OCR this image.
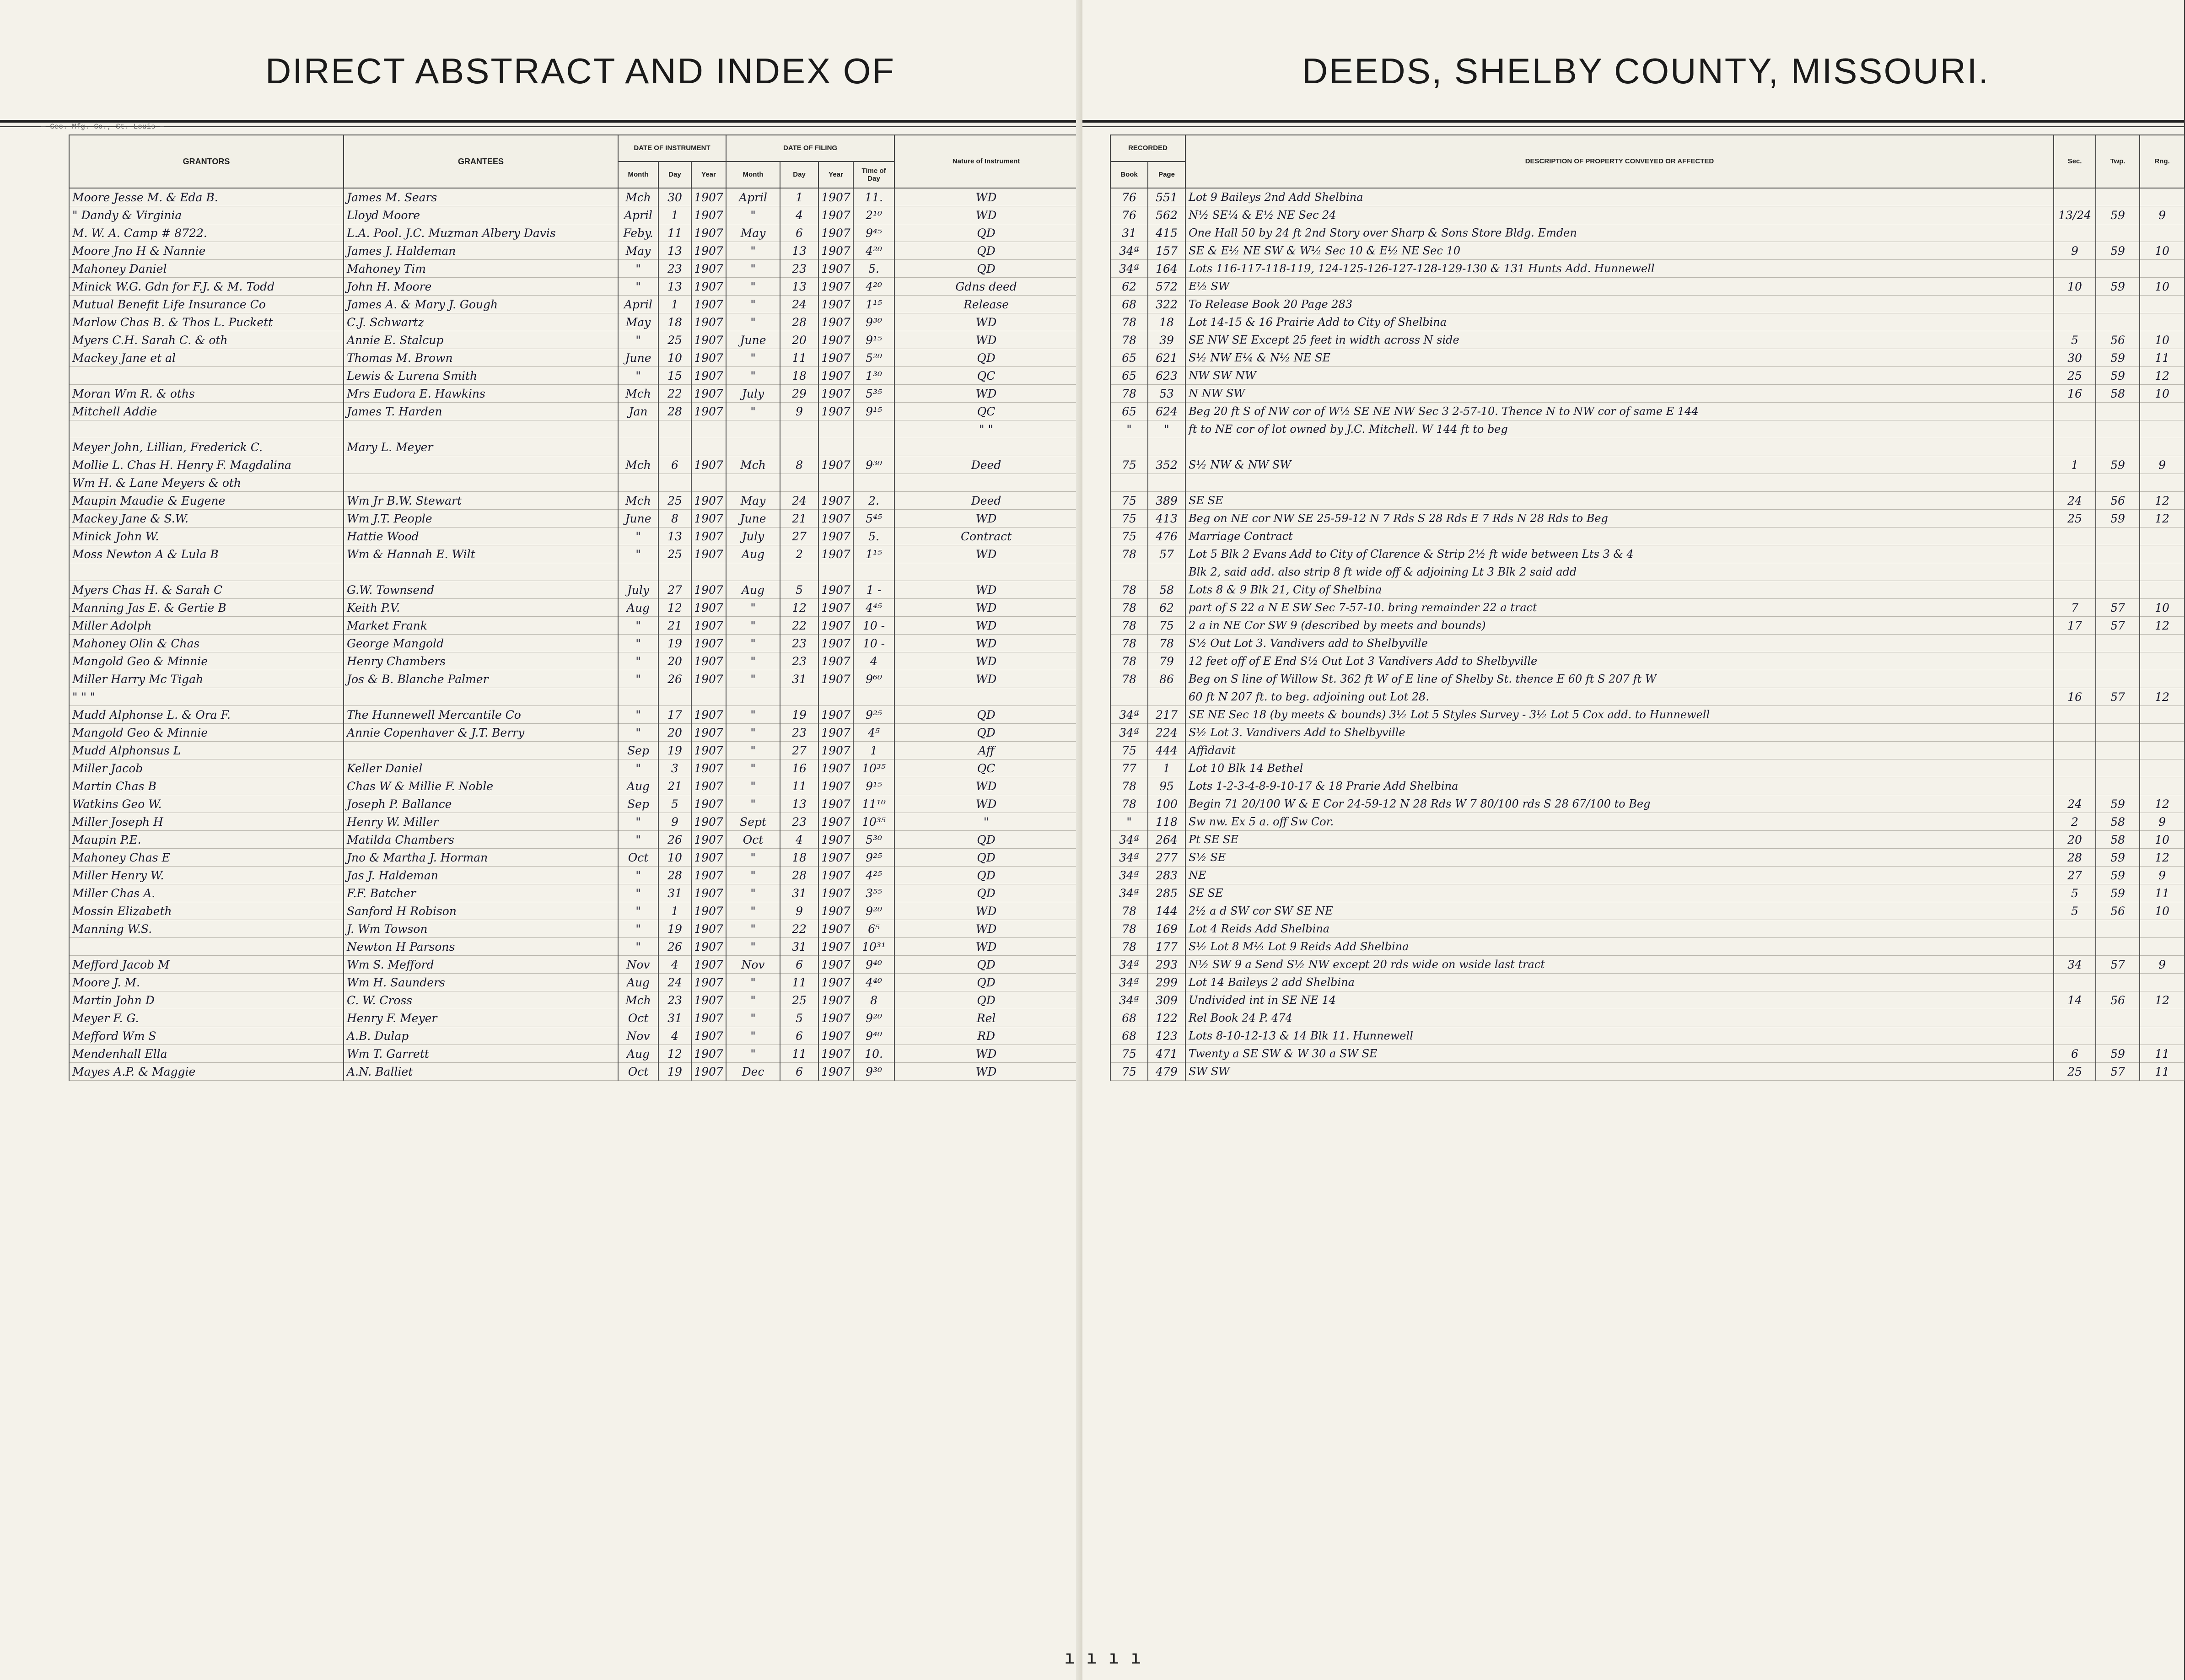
DIRECT ABSTRACT AND INDEX OF
— Geo. Mfg. Co., St. Louis —
GRANTORS	GRANTEES	DATE OF INSTRUMENT			DATE OF FILING				Nature of Instrument
		Month	Day	Year	Month	Day	Year	Time of Day	
Moore Jesse M. & Eda B.	James M. Sears	Mch	30	1907	April	1	1907	11.	WD
" Dandy & Virginia	Lloyd Moore	April	1	1907	"	4	1907	2¹⁰	WD
M. W. A. Camp # 8722.	L.A. Pool. J.C. Muzman Albery Davis	Feby.	11	1907	May	6	1907	9⁴⁵	QD
Moore Jno H & Nannie	James J. Haldeman	May	13	1907	"	13	1907	4²⁰	QD
Mahoney Daniel	Mahoney Tim	"	23	1907	"	23	1907	5.	QD
Minick W.G. Gdn for F.J. & M. Todd	John H. Moore	"	13	1907	"	13	1907	4²⁰	Gdns deed
Mutual Benefit Life Insurance Co	James A. & Mary J. Gough	April	1	1907	"	24	1907	1¹⁵	Release
Marlow Chas B. & Thos L. Puckett	C.J. Schwartz	May	18	1907	"	28	1907	9³⁰	WD
Myers C.H. Sarah C. & oth	Annie E. Stalcup	"	25	1907	June	20	1907	9¹⁵	WD
Mackey Jane et al	Thomas M. Brown	June	10	1907	"	11	1907	5²⁰	QD
	Lewis & Lurena Smith	"	15	1907	"	18	1907	1³⁰	QC
Moran Wm R. & oths	Mrs Eudora E. Hawkins	Mch	22	1907	July	29	1907	5³⁵	WD
Mitchell Addie	James T. Harden	Jan	28	1907	"	9	1907	9¹⁵	QC
									" "
Meyer John, Lillian, Frederick C.	Mary L. Meyer								
Mollie L. Chas H. Henry F. Magdalina		Mch	6	1907	Mch	8	1907	9³⁰	Deed
Wm H. & Lane Meyers & oth									
Maupin Maudie & Eugene	Wm Jr B.W. Stewart	Mch	25	1907	May	24	1907	2.	Deed
Mackey Jane & S.W.	Wm J.T. People	June	8	1907	June	21	1907	5⁴⁵	WD
Minick John W.	Hattie Wood	"	13	1907	July	27	1907	5.	Contract
Moss Newton A & Lula B	Wm & Hannah E. Wilt	"	25	1907	Aug	2	1907	1¹⁵	WD

Myers Chas H. & Sarah C	G.W. Townsend	July	27	1907	Aug	5	1907	1 -	WD
Manning Jas E. & Gertie B	Keith P.V.	Aug	12	1907	"	12	1907	4⁴⁵	WD
Miller Adolph	Market Frank	"	21	1907	"	22	1907	10 -	WD
Mahoney Olin & Chas	George Mangold	"	19	1907	"	23	1907	10 -	WD
Mangold Geo & Minnie	Henry Chambers	"	20	1907	"	23	1907	4	WD
Miller Harry Mc Tigah	Jos & B. Blanche Palmer	"	26	1907	"	31	1907	9⁶⁰	WD
" " "									
Mudd Alphonse L. & Ora F.	The Hunnewell Mercantile Co	"	17	1907	"	19	1907	9²⁵	QD
Mangold Geo & Minnie	Annie Copenhaver & J.T. Berry	"	20	1907	"	23	1907	4⁵	QD
Mudd Alphonsus L		Sep	19	1907	"	27	1907	1	Aff
Miller Jacob	Keller Daniel	"	3	1907	"	16	1907	10³⁵	QC
Martin Chas B	Chas W & Millie F. Noble	Aug	21	1907	"	11	1907	9¹⁵	WD
Watkins Geo W.	Joseph P. Ballance	Sep	5	1907	"	13	1907	11¹⁰	WD
Miller Joseph H	Henry W. Miller	"	9	1907	Sept	23	1907	10³⁵	"
Maupin P.E.	Matilda Chambers	"	26	1907	Oct	4	1907	5³⁰	QD
Mahoney Chas E	Jno & Martha J. Horman	Oct	10	1907	"	18	1907	9²⁵	QD
Miller Henry W.	Jas J. Haldeman	"	28	1907	"	28	1907	4²⁵	QD
Miller Chas A.	F.F. Batcher	"	31	1907	"	31	1907	3⁵⁵	QD
Mossin Elizabeth	Sanford H Robison	"	1	1907	"	9	1907	9²⁰	WD
Manning W.S.	J. Wm Towson	"	19	1907	"	22	1907	6⁵	WD
	Newton H Parsons	"	26	1907	"	31	1907	10³¹	WD
Mefford Jacob M	Wm S. Mefford	Nov	4	1907	Nov	6	1907	9⁴⁰	QD
Moore J. M.	Wm H. Saunders	Aug	24	1907	"	11	1907	4⁴⁰	QD
Martin John D	C. W. Cross	Mch	23	1907	"	25	1907	8	QD
Meyer F. G.	Henry F. Meyer	Oct	31	1907	"	5	1907	9²⁰	Rel
Mefford Wm S	A.B. Dulap	Nov	4	1907	"	6	1907	9⁴⁰	RD
Mendenhall Ella	Wm T. Garrett	Aug	12	1907	"	11	1907	10.	WD
Mayes A.P. & Maggie	A.N. Balliet	Oct	19	1907	Dec	6	1907	9³⁰	WD
DEEDS, SHELBY COUNTY, MISSOURI.
RECORDED		DESCRIPTION OF PROPERTY CONVEYED OR AFFECTED	Sec.	Twp.	Rng.
Book	Page				
76	551	Lot 9 Baileys 2nd Add Shelbina			
76	562	N½ SE¼ & E½ NE Sec 24	13/24	59	9
31	415	One Hall 50 by 24 ft 2nd Story over Sharp & Sons Store Bldg. Emden			
34ª	157	SE & E½ NE SW & W½ Sec 10 & E½ NE Sec 10	9	59	10
34ª	164	Lots 116-117-118-119, 124-125-126-127-128-129-130 & 131 Hunts Add. Hunnewell			
62	572	E½ SW	10	59	10
68	322	To Release Book 20 Page 283			
78	18	Lot 14-15 & 16 Prairie Add to City of Shelbina			
78	39	SE NW SE Except 25 feet in width across N side	5	56	10
65	621	S½ NW E¼ & N½ NE SE	30	59	11
65	623	NW SW NW	25	59	12
78	53	N NW SW	16	58	10
65	624	Beg 20 ft S of NW cor of W½ SE NE NW Sec 3 2-57-10. Thence N to NW cor of same E 144			
"	"	ft to NE cor of lot owned by J.C. Mitchell. W 144 ft to beg			

75	352	S½ NW & NW SW	1	59	9

75	389	SE SE	24	56	12
75	413	Beg on NE cor NW SE 25-59-12 N 7 Rds S 28 Rds E 7 Rds N 28 Rds to Beg	25	59	12
75	476	Marriage Contract			
78	57	Lot 5 Blk 2 Evans Add to City of Clarence & Strip 2½ ft wide between Lts 3 & 4			
		Blk 2, said add. also strip 8 ft wide off & adjoining Lt 3 Blk 2 said add			
78	58	Lots 8 & 9 Blk 21, City of Shelbina			
78	62	part of S 22 a N E SW Sec 7-57-10. bring remainder 22 a tract	7	57	10
78	75	2 a in NE Cor SW 9 (described by meets and bounds)	17	57	12
78	78	S½ Out Lot 3. Vandivers add to Shelbyville			
78	79	12 feet off of E End S½ Out Lot 3 Vandivers Add to Shelbyville			
78	86	Beg on S line of Willow St. 362 ft W of E line of Shelby St. thence E 60 ft S 207 ft W			
		60 ft N 207 ft. to beg. adjoining out Lot 28.	16	57	12
34ª	217	SE NE Sec 18 (by meets & bounds) 3½ Lot 5 Styles Survey - 3½ Lot 5 Cox add. to Hunnewell			
34ª	224	S½ Lot 3. Vandivers Add to Shelbyville			
75	444	Affidavit			
77	1	Lot 10 Blk 14 Bethel			
78	95	Lots 1-2-3-4-8-9-10-17 & 18 Prarie Add Shelbina			
78	100	Begin 71 20/100 W & E Cor 24-59-12 N 28 Rds W 7 80/100 rds S 28 67/100 to Beg	24	59	12
"	118	Sw nw. Ex 5 a. off Sw Cor.	2	58	9
34ª	264	Pt SE SE	20	58	10
34ª	277	S½ SE	28	59	12
34ª	283	NE	27	59	9
34ª	285	SE SE	5	59	11
78	144	2½ a d SW cor SW SE NE	5	56	10
78	169	Lot 4 Reids Add Shelbina			
78	177	S½ Lot 8 M½ Lot 9 Reids Add Shelbina			
34ª	293	N½ SW 9 a Send S½ NW except 20 rds wide on wside last tract	34	57	9
34ª	299	Lot 14 Baileys 2 add Shelbina			
34ª	309	Undivided int in SE NE 14	14	56	12
68	122	Rel Book 24 P. 474			
68	123	Lots 8-10-12-13 & 14 Blk 11. Hunnewell			
75	471	Twenty a SE SW & W 30 a SW SE	6	59	11
75	479	SW SW	25	57	11
ı ı ı ı
